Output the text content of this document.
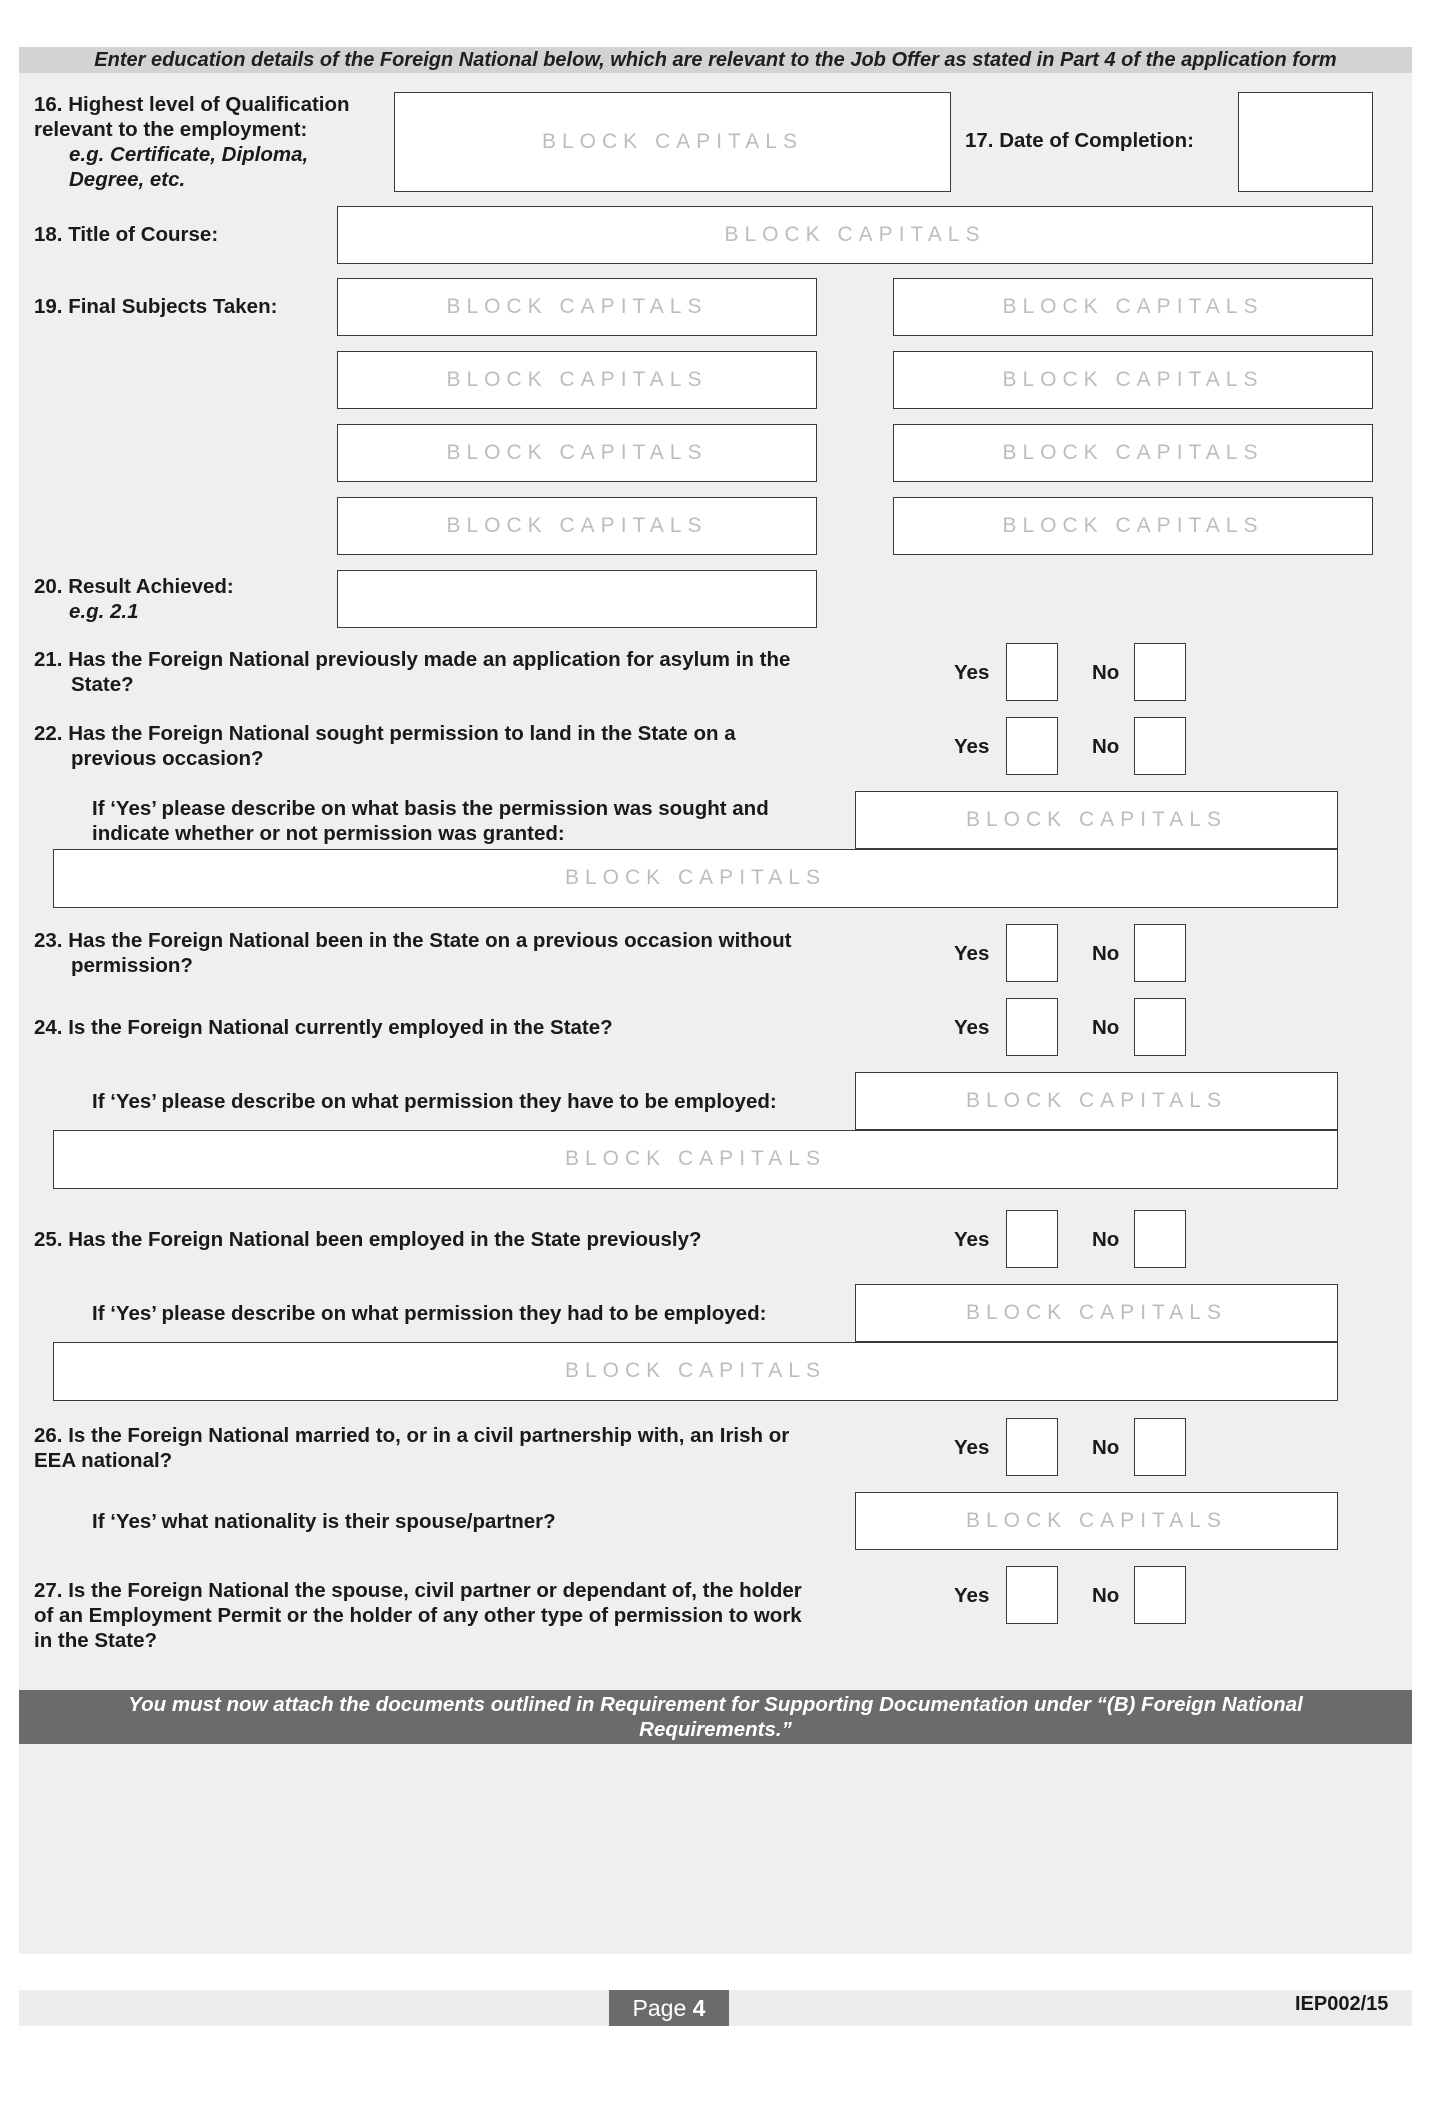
Enter education details of the Foreign National below, which are relevant to the Job Offer as stated in Part 4 of the application form
16. Highest level of Qualification
relevant to the employment:
e.g. Certificate, Diploma,
Degree, etc.
BLOCK CAPITALS	17. Date of Completion:
18. Title of Course:	BLOCK CAPITALS
19. Final Subjects Taken:	BLOCK CAPITALS	BLOCK CAPITALS
BLOCK CAPITALS	BLOCK CAPITALS
BLOCK CAPITALS	BLOCK CAPITALS
BLOCK CAPITALS	BLOCK CAPITALS
20. Result Achieved:
e.g. 2.1
21. Has the Foreign National previously made an application for asylum in the
State?
Yes	No
22. Has the Foreign National sought permission to land in the State on a
previous occasion?
Yes	No
If ‘Yes’ please describe on what basis the permission was sought and
indicate whether or not permission was granted:
BLOCK CAPITALS
BLOCK CAPITALS
23. Has the Foreign National been in the State on a previous occasion without
permission?
Yes	No
24. Is the Foreign National currently employed in the State?	Yes	No
If ‘Yes’ please describe on what permission they have to be employed:	BLOCK CAPITALS
BLOCK CAPITALS
25. Has the Foreign National been employed in the State previously?	Yes	No
If ‘Yes’ please describe on what permission they had to be employed:	BLOCK CAPITALS
BLOCK CAPITALS
26. Is the Foreign National married to, or in a civil partnership with, an Irish or
EEA national?
Yes	No
If ‘Yes’ what nationality is their spouse/partner?	BLOCK CAPITALS
27. Is the Foreign National the spouse, civil partner or dependant of, the holder
of an Employment Permit or the holder of any other type of permission to work
in the State?
Yes	No
You must now attach the documents outlined in Requirement for Supporting Documentation under “(B) Foreign National
Requirements.”
Page 4	IEP002/15
